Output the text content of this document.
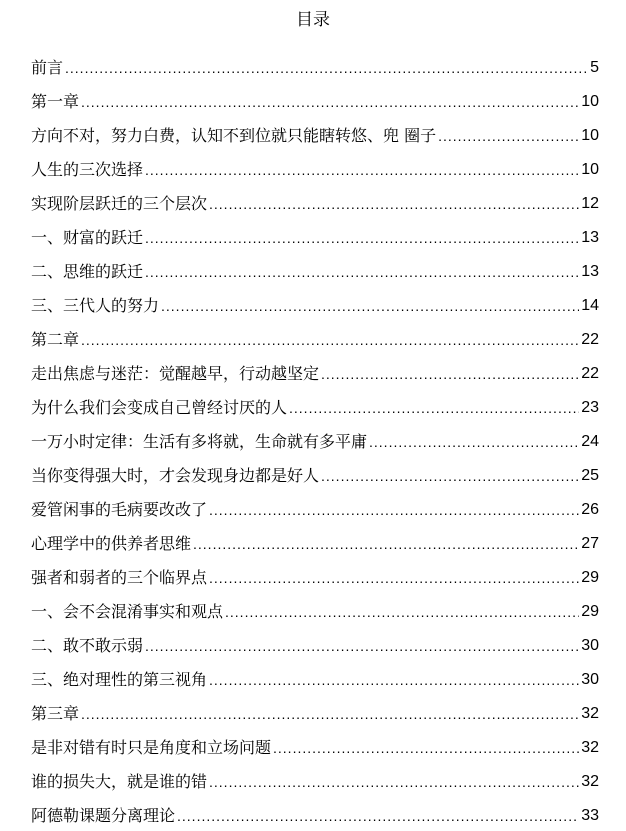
目录
前言 .....	5
第一章 .....	10
方向不对，努力白费，认知不到位就只能瞎转悠、兜 圈子 .....	10
人生的三次选择 .....	10
实现阶层跃迁的三个层次 .....	12
一、财富的跃迁 .....	13
二、思维的跃迁 .....	13
三、三代人的努力 .....	14
第二章 .....	22
走出焦虑与迷茫：觉醒越早，行动越坚定 .....	22
为什么我们会变成自己曾经讨厌的人 .....	23
一万小时定律：生活有多将就，生命就有多平庸 .....	24
当你变得强大时，才会发现身边都是好人 .....	25
爱管闲事的毛病要改改了 .....	26
心理学中的供养者思维 .....	27
强者和弱者的三个临界点 .....	29
一、会不会混淆事实和观点 .....	29
二、敢不敢示弱 .....	30
三、绝对理性的第三视角 .....	30
第三章 .....	32
是非对错有时只是角度和立场问题 .....	32
谁的损失大，就是谁的错 .....	32
阿德勒课题分离理论 .....	33
